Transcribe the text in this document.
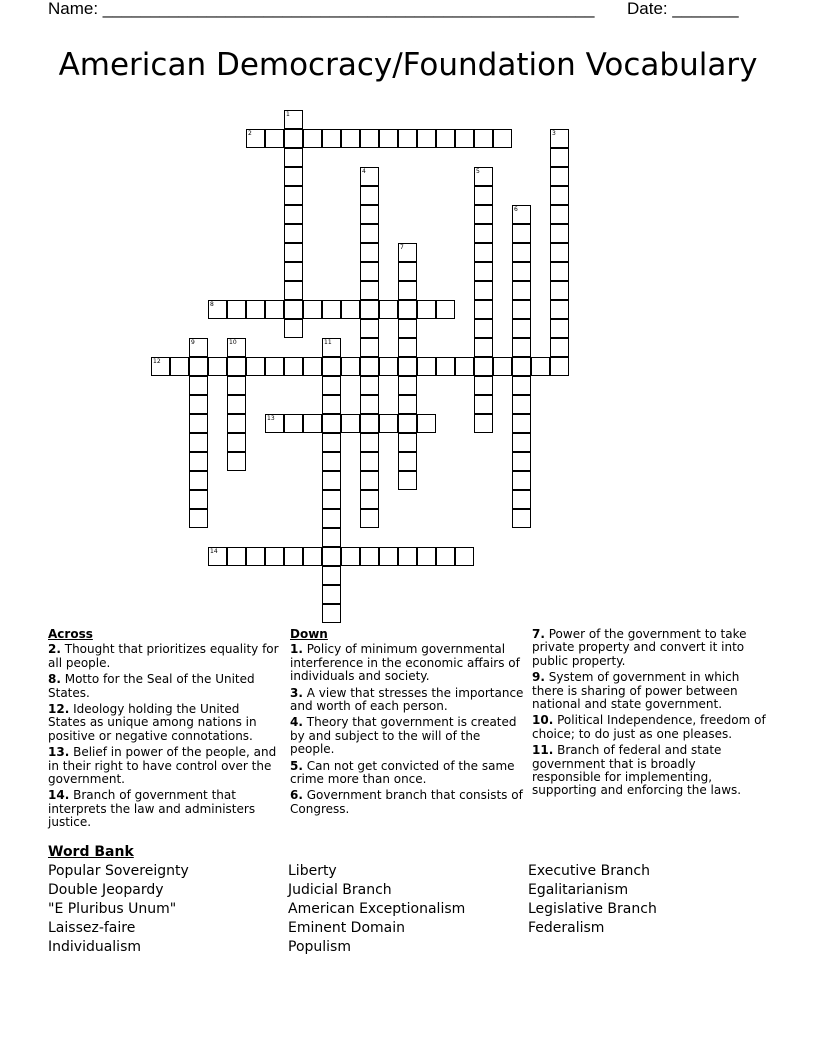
Name: ____________________________________________________ Date: _______
American Democracy/Foundation Vocabulary
1
2	3
4	5
6
7
8
9	10	11
12
13
14
Across
2. Thought that prioritizes equality for all people.
8. Motto for the Seal of the United States.
12. Ideology holding the United States as unique among nations in positive or negative connotations.
13. Belief in power of the people, and in their right to have control over the government.
14. Branch of government that interprets the law and administers justice.
Down
1. Policy of minimum governmental interference in the economic affairs of individuals and society.
3. A view that stresses the importance and worth of each person.
4. Theory that government is created by and subject to the will of the people.
5. Can not get convicted of the same crime more than once.
6. Government branch that consists of Congress.
7. Power of the government to take private property and convert it into public property.
9. System of government in which there is sharing of power between national and state government.
10. Political Independence, freedom of choice; to do just as one pleases.
11. Branch of federal and state government that is broadly responsible for implementing, supporting and enforcing the laws.
Word Bank
Popular Sovereignty
Double Jeopardy
"E Pluribus Unum"
Laissez-faire
Individualism
Liberty
Judicial Branch
American Exceptionalism
Eminent Domain
Populism
Executive Branch
Egalitarianism
Legislative Branch
Federalism
